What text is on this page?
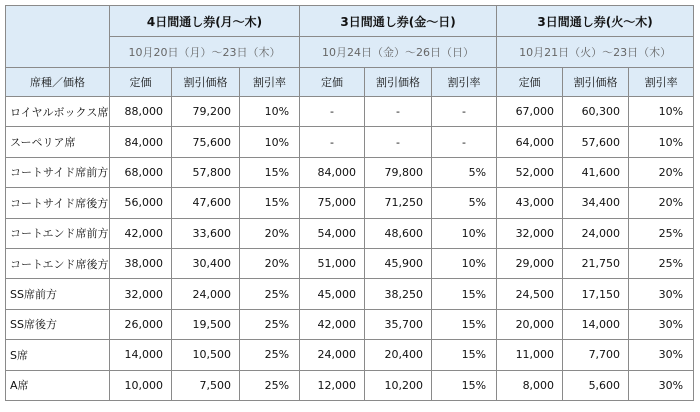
	4日間通し券(月～木)			3日間通し券(金～日)			3日間通し券(火～木)		
	10月20日（月）～23日（木）			10月24日（金）～26日（日）			10月21日（火）～23日（木）		
席種／価格	定価	割引価格	割引率	定価	割引価格	割引率	定価	割引価格	割引率
ロイヤルボックス席	88,000	79,200	10%	-	-	-	67,000	60,300	10%
スーペリア席	84,000	75,600	10%	-	-	-	64,000	57,600	10%
コートサイド席前方	68,000	57,800	15%	84,000	79,800	5%	52,000	41,600	20%
コートサイド席後方	56,000	47,600	15%	75,000	71,250	5%	43,000	34,400	20%
コートエンド席前方	42,000	33,600	20%	54,000	48,600	10%	32,000	24,000	25%
コートエンド席後方	38,000	30,400	20%	51,000	45,900	10%	29,000	21,750	25%
SS席前方	32,000	24,000	25%	45,000	38,250	15%	24,500	17,150	30%
SS席後方	26,000	19,500	25%	42,000	35,700	15%	20,000	14,000	30%
S席	14,000	10,500	25%	24,000	20,400	15%	11,000	7,700	30%
A席	10,000	7,500	25%	12,000	10,200	15%	8,000	5,600	30%
